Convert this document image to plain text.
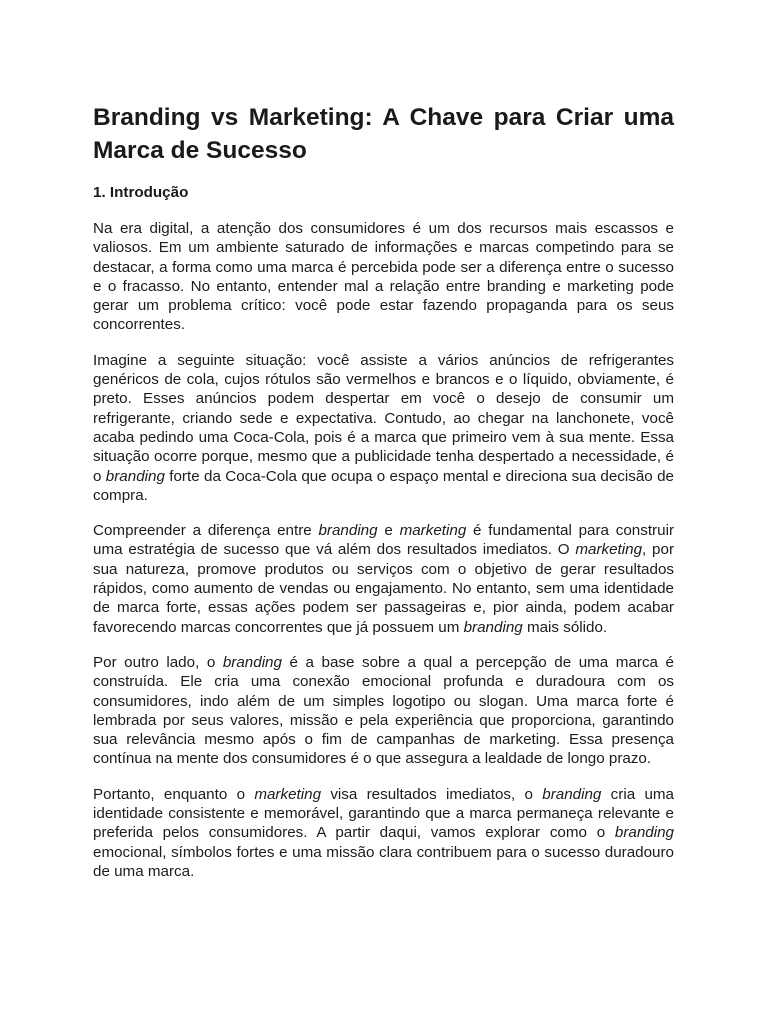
Branding vs Marketing: A Chave para Criar uma Marca de Sucesso
1. Introdução

Na era digital, a atenção dos consumidores é um dos recursos mais escassos e valiosos. Em um ambiente saturado de informações e marcas competindo para se destacar, a forma como uma marca é percebida pode ser a diferença entre o sucesso e o fracasso. No entanto, entender mal a relação entre branding e marketing pode gerar um problema crítico: você pode estar fazendo propaganda para os seus concorrentes.

Imagine a seguinte situação: você assiste a vários anúncios de refrigerantes genéricos de cola, cujos rótulos são vermelhos e brancos e o líquido, obviamente, é preto. Esses anúncios podem despertar em você o desejo de consumir um refrigerante, criando sede e expectativa. Contudo, ao chegar na lanchonete, você acaba pedindo uma Coca-Cola, pois é a marca que primeiro vem à sua mente. Essa situação ocorre porque, mesmo que a publicidade tenha despertado a necessidade, é o branding forte da Coca-Cola que ocupa o espaço mental e direciona sua decisão de compra.

Compreender a diferença entre branding e marketing é fundamental para construir uma estratégia de sucesso que vá além dos resultados imediatos. O marketing, por sua natureza, promove produtos ou serviços com o objetivo de gerar resultados rápidos, como aumento de vendas ou engajamento. No entanto, sem uma identidade de marca forte, essas ações podem ser passageiras e, pior ainda, podem acabar favorecendo marcas concorrentes que já possuem um branding mais sólido.

Por outro lado, o branding é a base sobre a qual a percepção de uma marca é construída. Ele cria uma conexão emocional profunda e duradoura com os consumidores, indo além de um simples logotipo ou slogan. Uma marca forte é lembrada por seus valores, missão e pela experiência que proporciona, garantindo sua relevância mesmo após o fim de campanhas de marketing. Essa presença contínua na mente dos consumidores é o que assegura a lealdade de longo prazo.

Portanto, enquanto o marketing visa resultados imediatos, o branding cria uma identidade consistente e memorável, garantindo que a marca permaneça relevante e preferida pelos consumidores. A partir daqui, vamos explorar como o branding emocional, símbolos fortes e uma missão clara contribuem para o sucesso duradouro de uma marca.
